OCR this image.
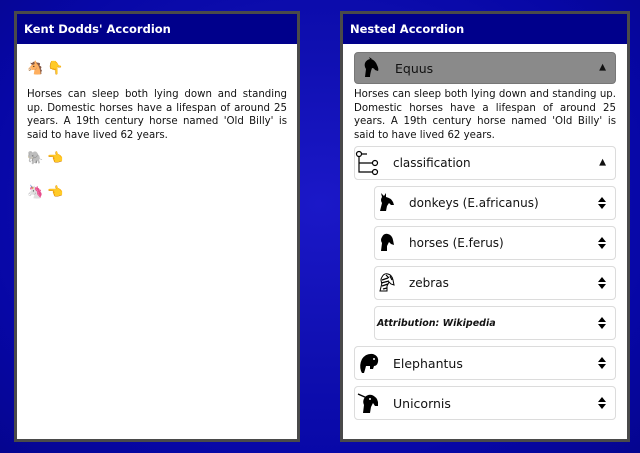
Kent Dodds' Accordion
🐴 👇
Horses can sleep both lying down and standing up. Domestic horses have a lifespan of around 25 years. A 19th century horse named 'Old Billy' is said to have lived 62 years.
🐘 👈
🦄 👈
Nested Accordion
Equus	▲
Horses can sleep both lying down and standing up. Domestic horses have a lifespan of around 25 years. A 19th century horse named 'Old Billy' is said to have lived 62 years.
classification	▲
donkeys (E.africanus)
horses (E.ferus)
zebras
Attribution: Wikipedia
Elephantus
Unicornis
